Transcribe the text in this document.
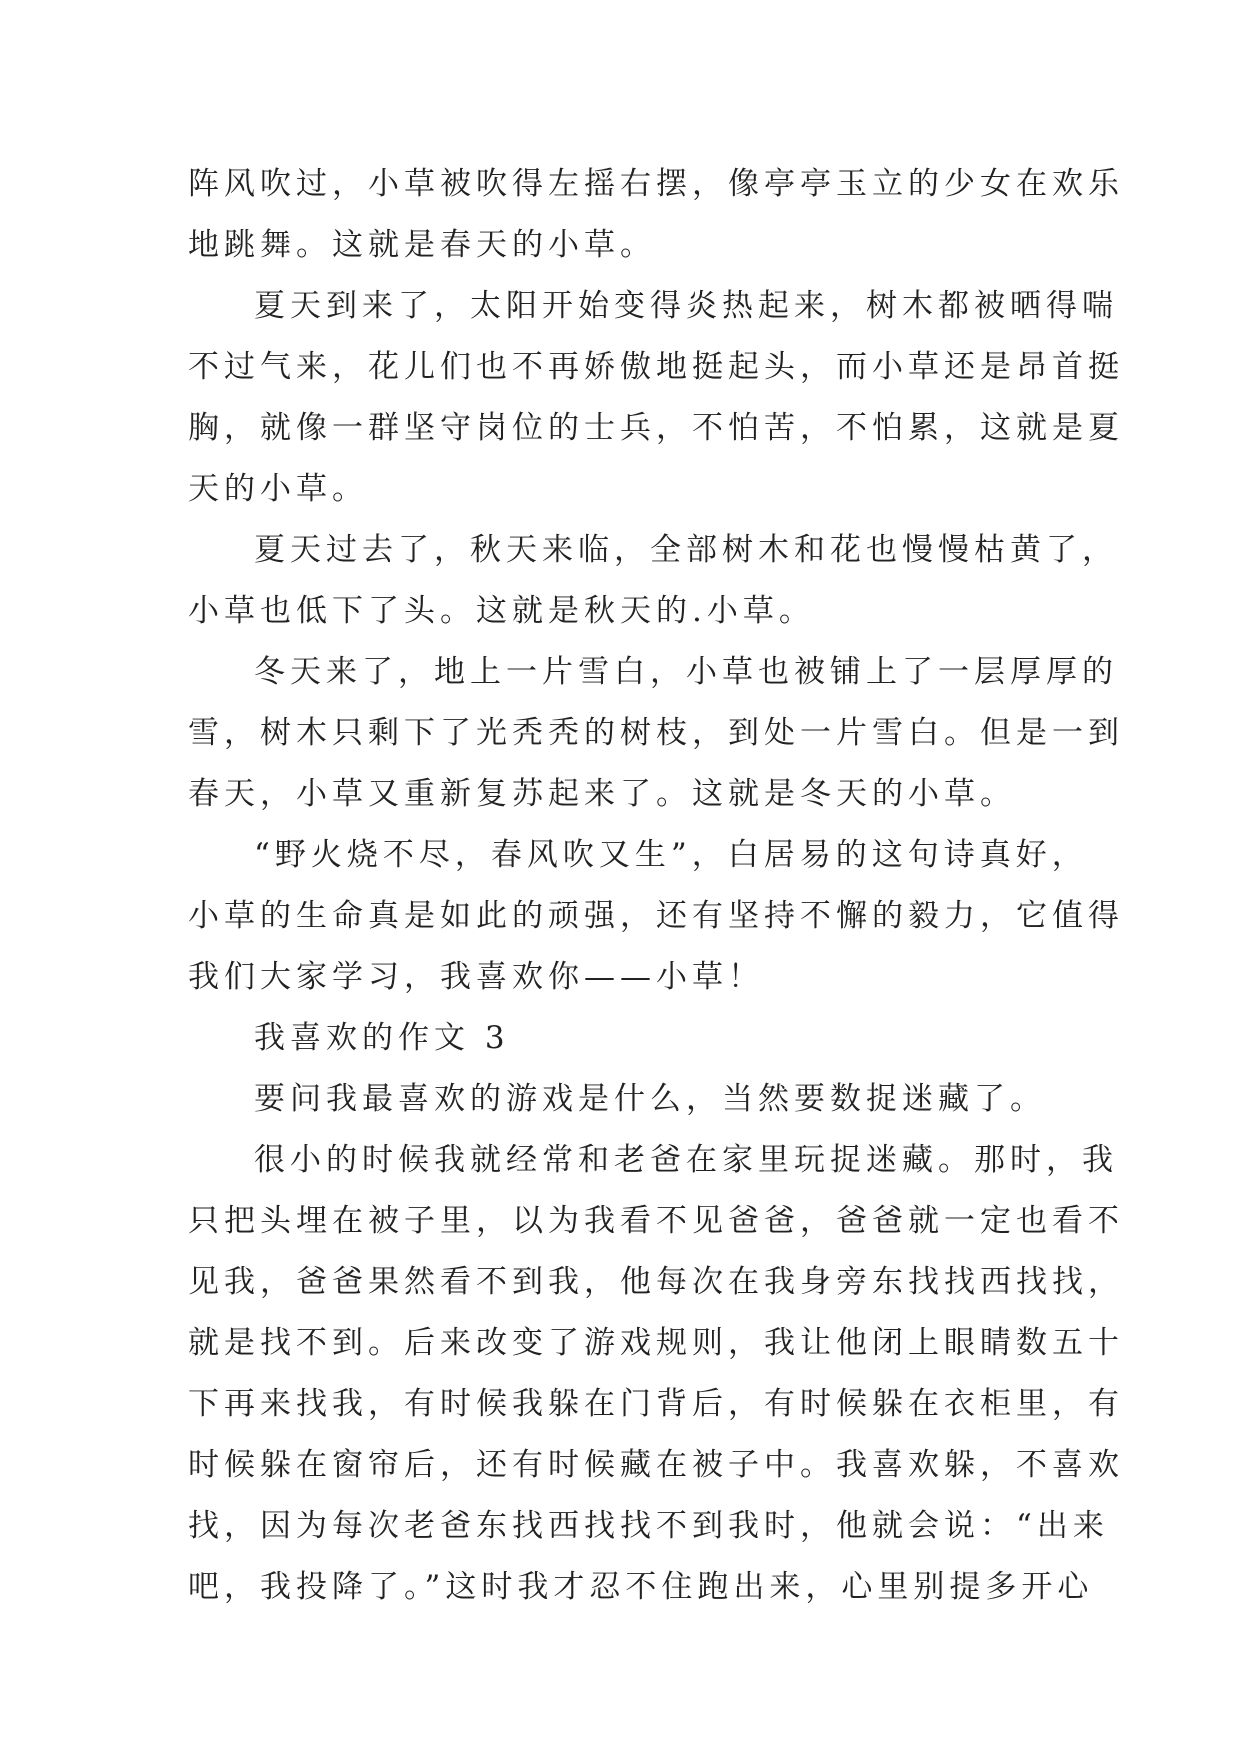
阵风吹过，小草被吹得左摇右摆，像亭亭玉立的少女在欢乐
地跳舞。这就是春天的小草。
夏天到来了，太阳开始变得炎热起来，树木都被晒得喘
不过气来，花儿们也不再娇傲地挺起头，而小草还是昂首挺
胸，就像一群坚守岗位的士兵，不怕苦，不怕累，这就是夏
天的小草。
夏天过去了，秋天来临，全部树木和花也慢慢枯黄了，
小草也低下了头。这就是秋天的.小草。
冬天来了，地上一片雪白，小草也被铺上了一层厚厚的
雪，树木只剩下了光秃秃的树枝，到处一片雪白。但是一到
春天，小草又重新复苏起来了。这就是冬天的小草。
“野火烧不尽，春风吹又生”，白居易的这句诗真好，
小草的生命真是如此的顽强，还有坚持不懈的毅力，它值得
我们大家学习，我喜欢你——小草！
我喜欢的作文 3
要问我最喜欢的游戏是什么，当然要数捉迷藏了。
很小的时候我就经常和老爸在家里玩捉迷藏。那时，我
只把头埋在被子里，以为我看不见爸爸，爸爸就一定也看不
见我，爸爸果然看不到我，他每次在我身旁东找找西找找，
就是找不到。后来改变了游戏规则，我让他闭上眼睛数五十
下再来找我，有时候我躲在门背后，有时候躲在衣柜里，有
时候躲在窗帘后，还有时候藏在被子中。我喜欢躲，不喜欢
找，因为每次老爸东找西找找不到我时，他就会说：“出来
吧，我投降了。”这时我才忍不住跑出来，心里别提多开心
